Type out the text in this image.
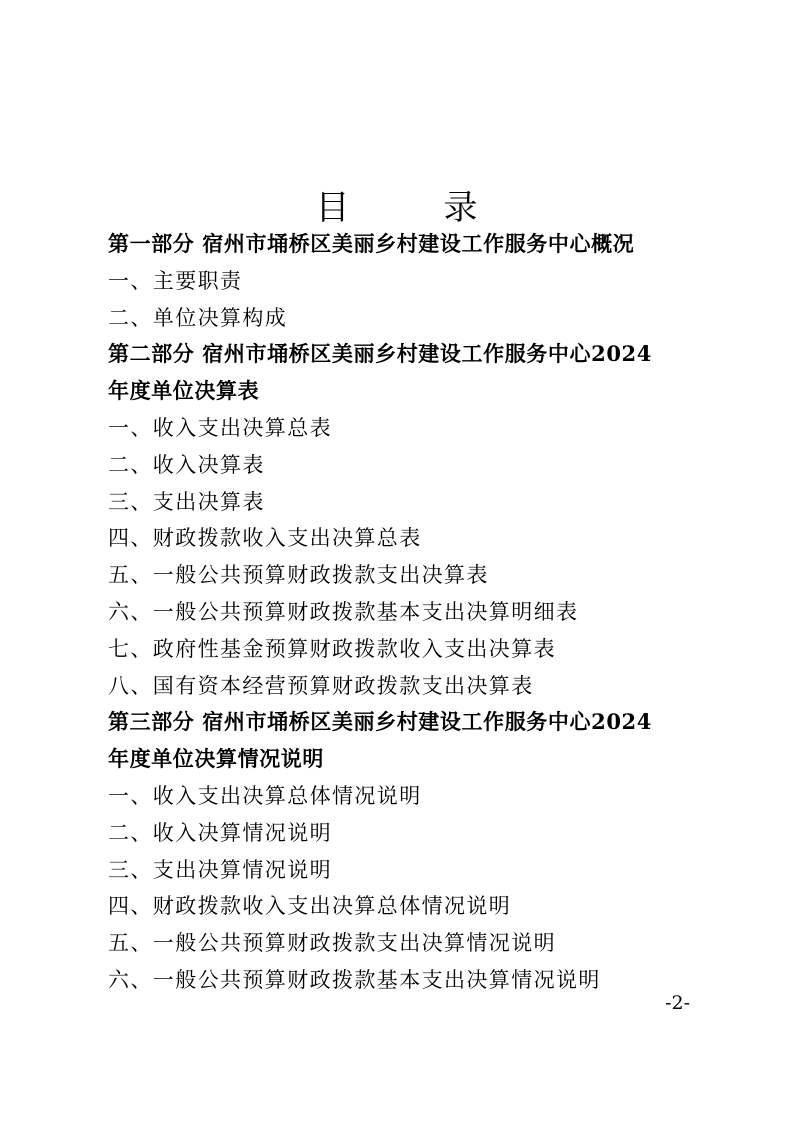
目　录
第一部分 宿州市埇桥区美丽乡村建设工作服务中心概况
一、主要职责
二、单位决算构成
第二部分 宿州市埇桥区美丽乡村建设工作服务中心2024
年度单位决算表
一、收入支出决算总表
二、收入决算表
三、支出决算表
四、财政拨款收入支出决算总表
五、一般公共预算财政拨款支出决算表
六、一般公共预算财政拨款基本支出决算明细表
七、政府性基金预算财政拨款收入支出决算表
八、国有资本经营预算财政拨款支出决算表
第三部分 宿州市埇桥区美丽乡村建设工作服务中心2024
年度单位决算情况说明
一、收入支出决算总体情况说明
二、收入决算情况说明
三、支出决算情况说明
四、财政拨款收入支出决算总体情况说明
五、一般公共预算财政拨款支出决算情况说明
六、一般公共预算财政拨款基本支出决算情况说明

-2-
